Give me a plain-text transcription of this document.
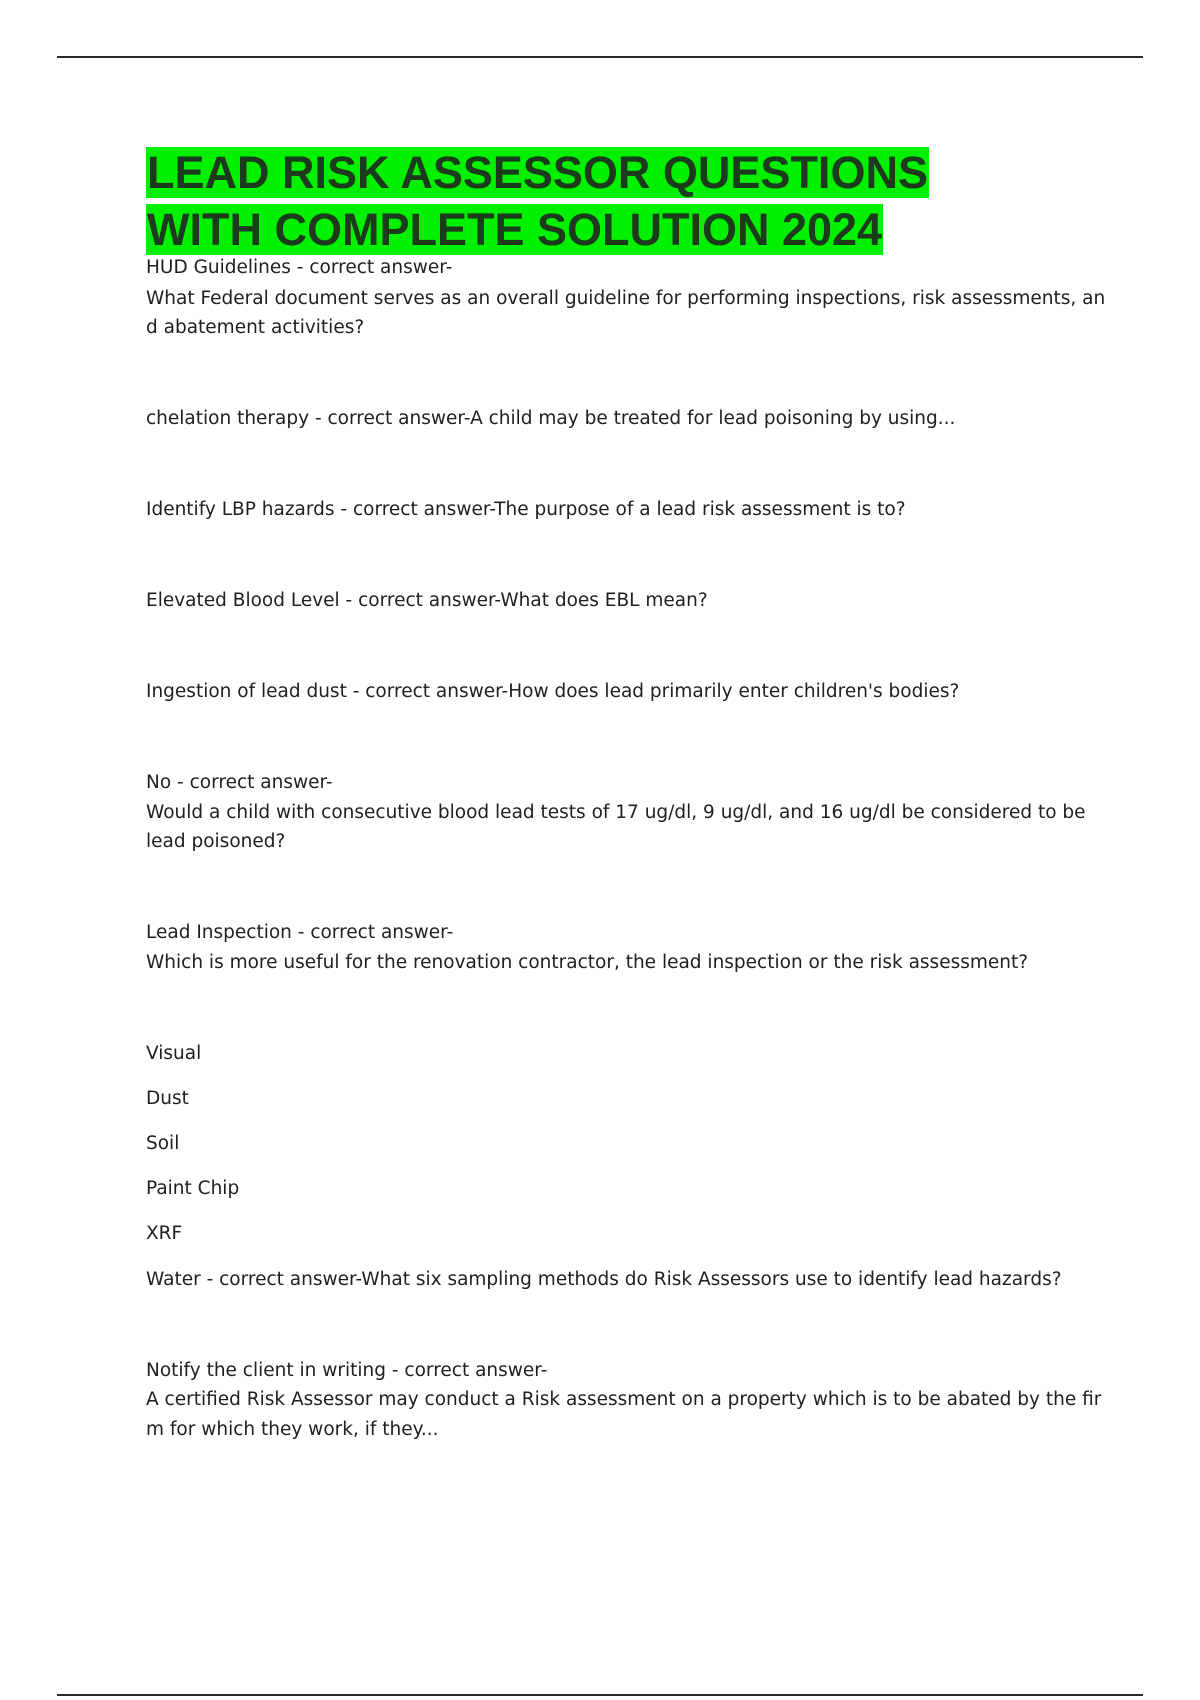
LEAD RISK ASSESSOR QUESTIONS
WITH COMPLETE SOLUTION 2024

HUD Guidelines - correct answer-

What Federal document serves as an overall guideline for performing inspections, risk assessments, an

d abatement activities?

chelation therapy - correct answer-A child may be treated for lead poisoning by using...

Identify LBP hazards - correct answer-The purpose of a lead risk assessment is to?

Elevated Blood Level - correct answer-What does EBL mean?

Ingestion of lead dust - correct answer-How does lead primarily enter children's bodies?

No - correct answer-

Would a child with consecutive blood lead tests of 17 ug/dl, 9 ug/dl, and 16 ug/dl be considered to be

lead poisoned?

Lead Inspection - correct answer-

Which is more useful for the renovation contractor, the lead inspection or the risk assessment?

Visual

Dust

Soil

Paint Chip

XRF

Water - correct answer-What six sampling methods do Risk Assessors use to identify lead hazards?

Notify the client in writing - correct answer-

A certified Risk Assessor may conduct a Risk assessment on a property which is to be abated by the fir

m for which they work, if they...
